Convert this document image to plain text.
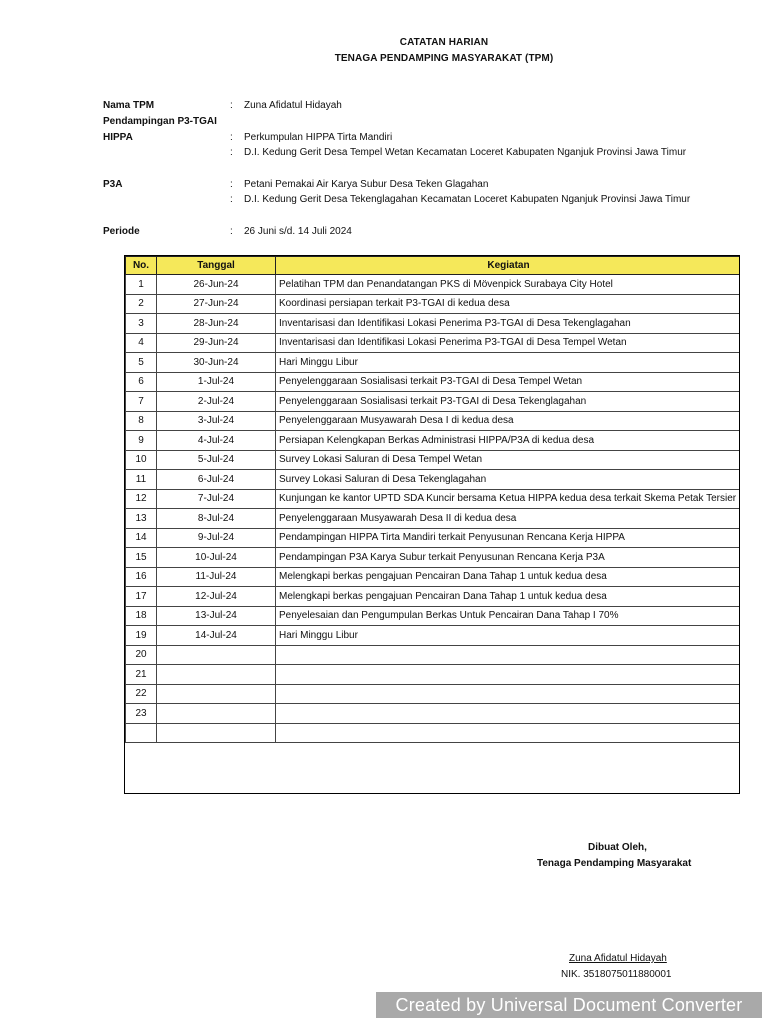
CATATAN HARIAN
TENAGA PENDAMPING MASYARAKAT (TPM)
Nama TPM	: Zuna Afidatul Hidayah
Pendampingan P3-TGAI
HIPPA	: Perkumpulan HIPPA Tirta Mandiri
: D.I. Kedung Gerit Desa Tempel Wetan Kecamatan Loceret Kabupaten Nganjuk Provinsi Jawa Timur
P3A	: Petani Pemakai Air Karya Subur Desa Teken Glagahan
: D.I. Kedung Gerit Desa Tekenglagahan Kecamatan Loceret Kabupaten Nganjuk Provinsi Jawa Timur
Periode	: 26 Juni s/d. 14 Juli 2024
No.	Tanggal	Kegiatan
1	26-Jun-24	Pelatihan TPM dan Penandatangan PKS di Mövenpick Surabaya City Hotel
2	27-Jun-24	Koordinasi persiapan terkait P3-TGAI di kedua desa
3	28-Jun-24	Inventarisasi dan Identifikasi Lokasi Penerima P3-TGAI di Desa Tekenglagahan
4	29-Jun-24	Inventarisasi dan Identifikasi Lokasi Penerima P3-TGAI di Desa Tempel Wetan
5	30-Jun-24	Hari Minggu Libur
6	1-Jul-24	Penyelenggaraan Sosialisasi terkait P3-TGAI di Desa Tempel Wetan
7	2-Jul-24	Penyelenggaraan Sosialisasi terkait P3-TGAI di Desa Tekenglagahan
8	3-Jul-24	Penyelenggaraan Musyawarah Desa I di kedua desa
9	4-Jul-24	Persiapan Kelengkapan Berkas Administrasi HIPPA/P3A di kedua desa
10	5-Jul-24	Survey Lokasi Saluran di Desa Tempel Wetan
11	6-Jul-24	Survey Lokasi Saluran di Desa Tekenglagahan
12	7-Jul-24	Kunjungan ke kantor UPTD SDA Kuncir bersama Ketua HIPPA kedua desa terkait Skema Petak Tersier
13	8-Jul-24	Penyelenggaraan Musyawarah Desa II di kedua desa
14	9-Jul-24	Pendampingan HIPPA Tirta Mandiri terkait Penyusunan Rencana Kerja HIPPA
15	10-Jul-24	Pendampingan P3A Karya Subur terkait Penyusunan Rencana Kerja P3A
16	11-Jul-24	Melengkapi berkas pengajuan Pencairan Dana Tahap 1 untuk kedua desa
17	12-Jul-24	Melengkapi berkas pengajuan Pencairan Dana Tahap 1 untuk kedua desa
18	13-Jul-24	Penyelesaian dan Pengumpulan Berkas Untuk Pencairan Dana Tahap I 70%
19	14-Jul-24	Hari Minggu Libur
20		
21		
22		
23		

Dibuat Oleh,
Tenaga Pendamping Masyarakat
Zuna Afidatul Hidayah
NIK. 3518075011880001
Created by Universal Document Converter
